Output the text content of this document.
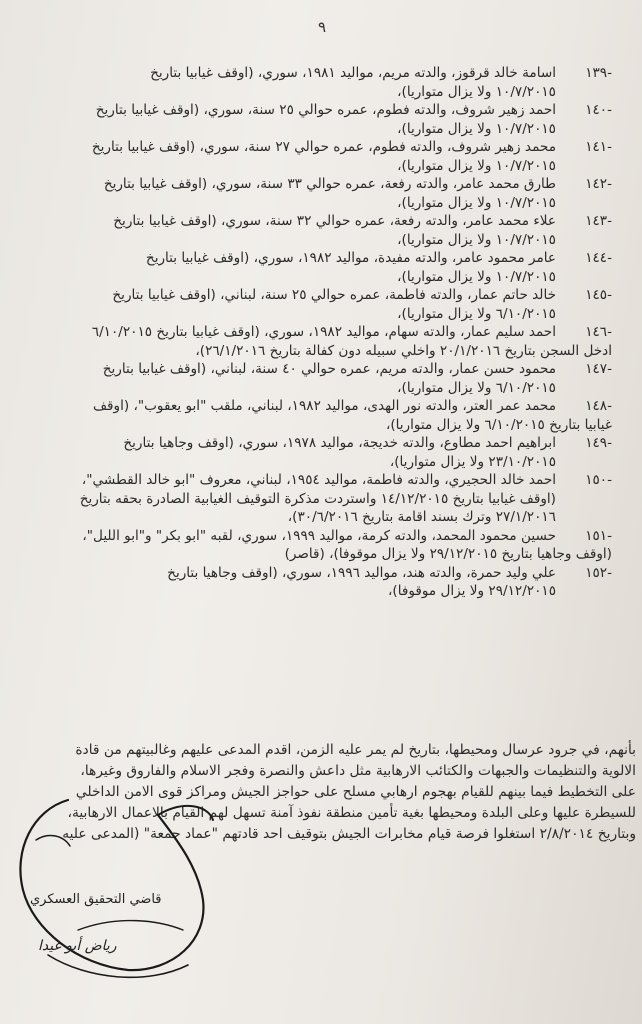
٩
-١٣٩
اسامة خالد قرقوز، والدته مريم، مواليد ١٩٨١، سوري، (اوقف غيابيا بتاريخ
١٠/٧/٢٠١٥ ولا يزال متواريا)،
-١٤٠
احمد زهير شروف، والدته فطوم، عمره حوالي ٢٥ سنة، سوري، (اوقف غيابيا بتاريخ
١٠/٧/٢٠١٥ ولا يزال متواريا)،
-١٤١
محمد زهير شروف، والدته فطوم، عمره حوالي ٢٧ سنة، سوري، (اوقف غيابيا بتاريخ
١٠/٧/٢٠١٥ ولا يزال متواريا)،
-١٤٢
طارق محمد عامر، والدته رفعة، عمره حوالي ٣٣ سنة، سوري، (اوقف غيابيا بتاريخ
١٠/٧/٢٠١٥ ولا يزال متواريا)،
-١٤٣
علاء محمد عامر، والدته رفعة، عمره حوالي ٣٢ سنة، سوري، (اوقف غيابيا بتاريخ
١٠/٧/٢٠١٥ ولا يزال متواريا)،
-١٤٤
عامر محمود عامر، والدته مفيدة، مواليد ١٩٨٢، سوري، (اوقف غيابيا بتاريخ
١٠/٧/٢٠١٥ ولا يزال متواريا)،
-١٤٥
خالد حاتم عمار، والدته فاطمة، عمره حوالي ٢٥ سنة، لبناني، (اوقف غيابيا بتاريخ
٦/١٠/٢٠١٥ ولا يزال متواريا)،
-١٤٦
احمد سليم عمار، والدته سهام، مواليد ١٩٨٢، سوري، (اوقف غيابيا بتاريخ ٦/١٠/٢٠١٥
ادخل السجن بتاريخ ٢٠/١/٢٠١٦ واخلي سبيله دون كفالة بتاريخ ٢٦/١/٢٠١٦)،
-١٤٧
محمود حسن عمار، والدته مريم، عمره حوالي ٤٠ سنة، لبناني، (اوقف غيابيا بتاريخ
٦/١٠/٢٠١٥ ولا يزال متواريا)،
-١٤٨
محمد عمر العتر، والدته نور الهدى، مواليد ١٩٨٢، لبناني، ملقب "ابو يعقوب"، (اوقف
غيابيا بتاريخ ٦/١٠/٢٠١٥ ولا يزال متواريا)،
-١٤٩
ابراهيم احمد مطاوع، والدته خديجة، مواليد ١٩٧٨، سوري، (اوقف وجاهيا بتاريخ
٢٣/١٠/٢٠١٥ ولا يزال متواريا)،
-١٥٠
احمد خالد الحجيري، والدته فاطمة، مواليد ١٩٥٤، لبناني، معروف "ابو خالد القطشي"،
(اوقف غيابيا بتاريخ ١٤/١٢/٢٠١٥ واستردت مذكرة التوقيف الغيابية الصادرة بحقه بتاريخ
٢٧/١/٢٠١٦ وترك بسند اقامة بتاريخ ٣٠/٦/٢٠١٦)،
-١٥١
حسين محمود المحمد، والدته كرمة، مواليد ١٩٩٩، سوري، لقبه "ابو بكر" و"ابو الليل"،
(اوقف وجاهيا بتاريخ ٢٩/١٢/٢٠١٥ ولا يزال موقوفا)، (قاصر)
-١٥٢
علي وليد حمرة، والدته هند، مواليد ١٩٩٦، سوري، (اوقف وجاهيا بتاريخ
٢٩/١٢/٢٠١٥ ولا يزال موقوفا)،
بأنهم، في جرود عرسال ومحيطها، بتاريخ لم يمر عليه الزمن، اقدم المدعى عليهم وغالبيتهم من قادة
الالوية والتنظيمات والجبهات والكتائب الارهابية مثل داعش والنصرة وفجر الاسلام والفاروق وغيرها،
على التخطيط فيما بينهم للقيام بهجوم ارهابي مسلح على حواجز الجيش ومراكز قوى الامن الداخلي
للسيطرة عليها وعلى البلدة ومحيطها بغية تأمين منطقة نفوذ آمنة تسهل لهم القيام بالاعمال الارهابية،
وبتاريخ ٢/٨/٢٠١٤ استغلوا فرصة قيام مخابرات الجيش بتوقيف احد قادتهم "عماد جمعة" (المدعى عليه
قاضي التحقيق العسكري
رياض أبو غيدا
